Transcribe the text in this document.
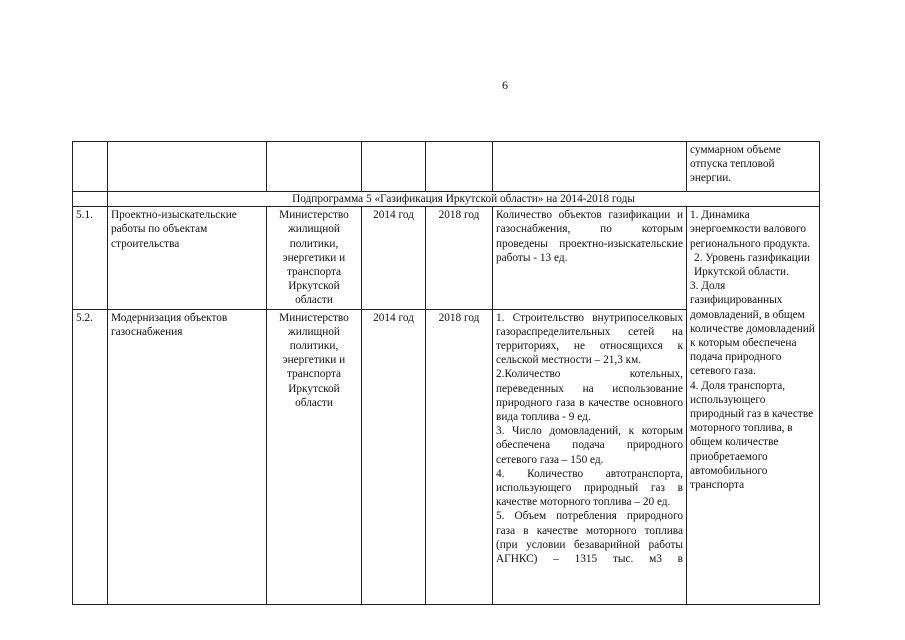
6
						суммарном объеме отпуска тепловой энергии.
	Подпрограмма 5 «Газификация Иркутской области» на 2014-2018 годы					
5.1.	Проектно-изыскательские работы по объектам строительства	Министерство жилищной политики, энергетики и транспорта Иркутской области	2014 год	2018 год	Количество объектов газификации и газоснабжения, по которым проведены проектно-изыскательские работы - 13 ед.	1. Динамика энергоемкости валового регионального продукта.
2. Уровень газификации Иркутской области.
3. Доля газифицированных домовладений, в общем количестве домовладений к которым обеспечена подача природного сетевого газа.
4. Доля транспорта, использующего природный газ в качестве моторного топлива, в общем количестве приобретаемого автомобильного транспорта

5.2.	Модернизация объектов газоснабжения	Министерство жилищной политики, энергетики и транспорта Иркутской области	2014 год	2018 год	1. Строительство внутрипоселковых газораспределительных сетей на территориях, не относящихся к сельской местности – 21,3 км.
2.Количество котельных, переведенных на использование природного газа в качестве основного вида топлива - 9 ед.
3. Число домовладений, к которым обеспечена подача природного сетевого газа – 150 ед.
4. Количество автотранспорта, использующего природный газ в качестве моторного топлива – 20 ед.
5. Объем потребления природного газа в качестве моторного топлива (при условии безаварийной работы АГНКС) – 1315 тыс. м3 в	
